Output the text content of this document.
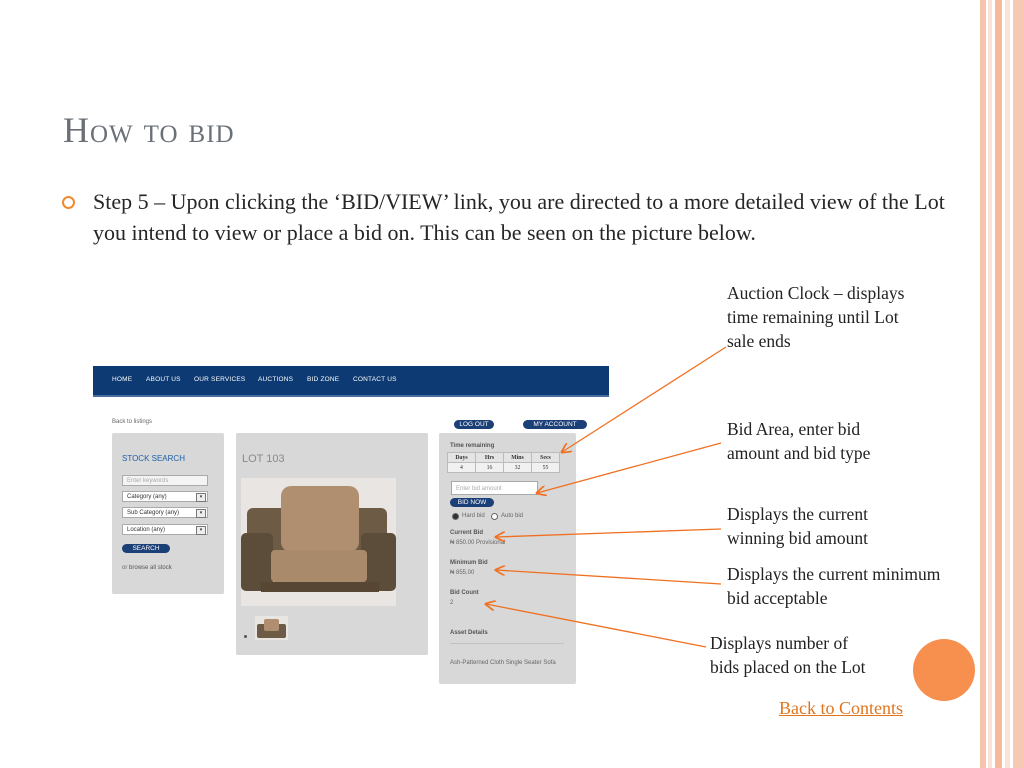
How to bid
Step 5 – Upon clicking the ‘BID/VIEW’ link, you are directed to a more detailed view of the Lot you intend to view or place a bid on. This can be seen on the picture below.
Auction Clock – displays time remaining until Lot sale ends
Bid Area, enter bid amount and bid type
Displays the current winning bid amount
Displays the current minimum bid acceptable
Displays number of bids placed on the Lot
Back to Contents
HOME ABOUT US OUR SERVICES AUCTIONS BID ZONE CONTACT US
Back to listings	LOG OUT	MY ACCOUNT
STOCK SEARCH
Enter keywords
Category (any)	▾
Sub Category (any)	▾
Location (any)	▾
SEARCH
or browse all stock
LOT 103
Time remaining
Enter bid amount
BID NOW
Hard bid	Auto bid
Current Bid
₦ 850.00 Provisional
Minimum Bid
₦ 855.00
Bid Count
2
Asset Details
Ash-Patterned Cloth Single Seater Sofa
Days	Hrs	Mins	Secs
4	16	32	55
